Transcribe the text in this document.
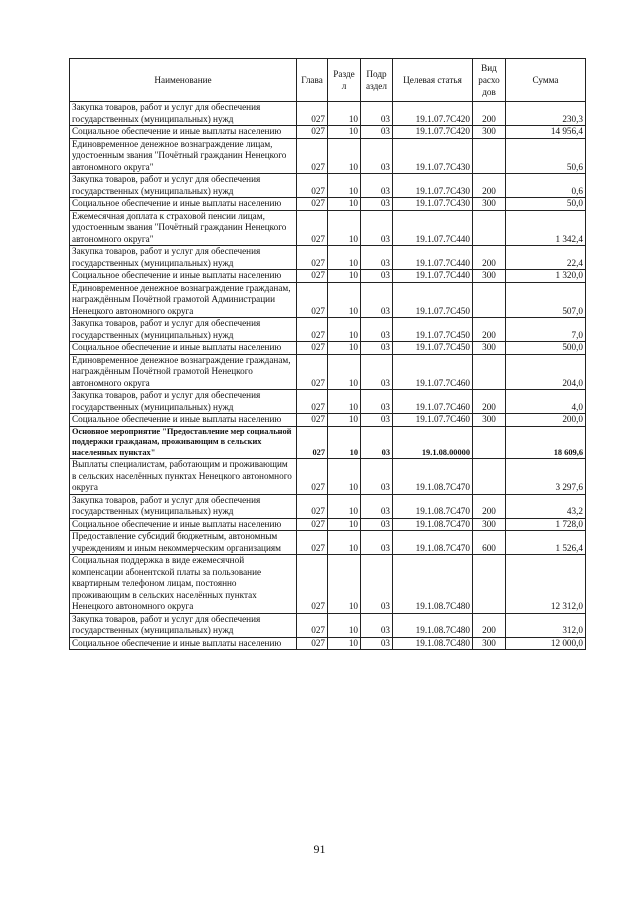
Наименование	Глава	Разде л	Подр аздел	Целевая статья	Вид расхо дов	Сумма
Закупка товаров, работ и услуг для обеспечения государственных (муниципальных) нужд	027	10	03	19.1.07.7С420	200	230,3
Социальное обеспечение и иные выплаты населению	027	10	03	19.1.07.7С420	300	14 956,4
Единовременное денежное вознаграждение лицам, удостоенным звания "Почётный гражданин Ненецкого автономного округа"	027	10	03	19.1.07.7С430		50,6
Закупка товаров, работ и услуг для обеспечения государственных (муниципальных) нужд	027	10	03	19.1.07.7С430	200	0,6
Социальное обеспечение и иные выплаты населению	027	10	03	19.1.07.7С430	300	50,0
Ежемесячная доплата к страховой пенсии лицам, удостоенным звания "Почётный гражданин Ненецкого автономного округа"	027	10	03	19.1.07.7С440		1 342,4
Закупка товаров, работ и услуг для обеспечения государственных (муниципальных) нужд	027	10	03	19.1.07.7С440	200	22,4
Социальное обеспечение и иные выплаты населению	027	10	03	19.1.07.7С440	300	1 320,0
Единовременное денежное вознаграждение гражданам, награждённым Почётной грамотой Администрации Ненецкого автономного округа	027	10	03	19.1.07.7С450		507,0
Закупка товаров, работ и услуг для обеспечения государственных (муниципальных) нужд	027	10	03	19.1.07.7С450	200	7,0
Социальное обеспечение и иные выплаты населению	027	10	03	19.1.07.7С450	300	500,0
Единовременное денежное вознаграждение гражданам, награждённым Почётной грамотой Ненецкого автономного округа	027	10	03	19.1.07.7С460		204,0
Закупка товаров, работ и услуг для обеспечения государственных (муниципальных) нужд	027	10	03	19.1.07.7С460	200	4,0
Социальное обеспечение и иные выплаты населению	027	10	03	19.1.07.7С460	300	200,0
Основное мероприятие "Предоставление мер социальной поддержки гражданам, проживающим в сельских населенных пунктах"	027	10	03	19.1.08.00000		18 609,6
Выплаты специалистам, работающим и проживающим в сельских населённых пунктах Ненецкого автономного округа	027	10	03	19.1.08.7С470		3 297,6
Закупка товаров, работ и услуг для обеспечения государственных (муниципальных) нужд	027	10	03	19.1.08.7С470	200	43,2
Социальное обеспечение и иные выплаты населению	027	10	03	19.1.08.7С470	300	1 728,0
Предоставление субсидий бюджетным, автономным учреждениям и иным некоммерческим организациям	027	10	03	19.1.08.7С470	600	1 526,4
Социальная поддержка в виде ежемесячной компенсации абонентской платы за пользование квартирным телефоном лицам, постоянно проживающим в сельских населённых пунктах Ненецкого автономного округа	027	10	03	19.1.08.7С480		12 312,0
Закупка товаров, работ и услуг для обеспечения государственных (муниципальных) нужд	027	10	03	19.1.08.7С480	200	312,0
Социальное обеспечение и иные выплаты населению	027	10	03	19.1.08.7С480	300	12 000,0
91
